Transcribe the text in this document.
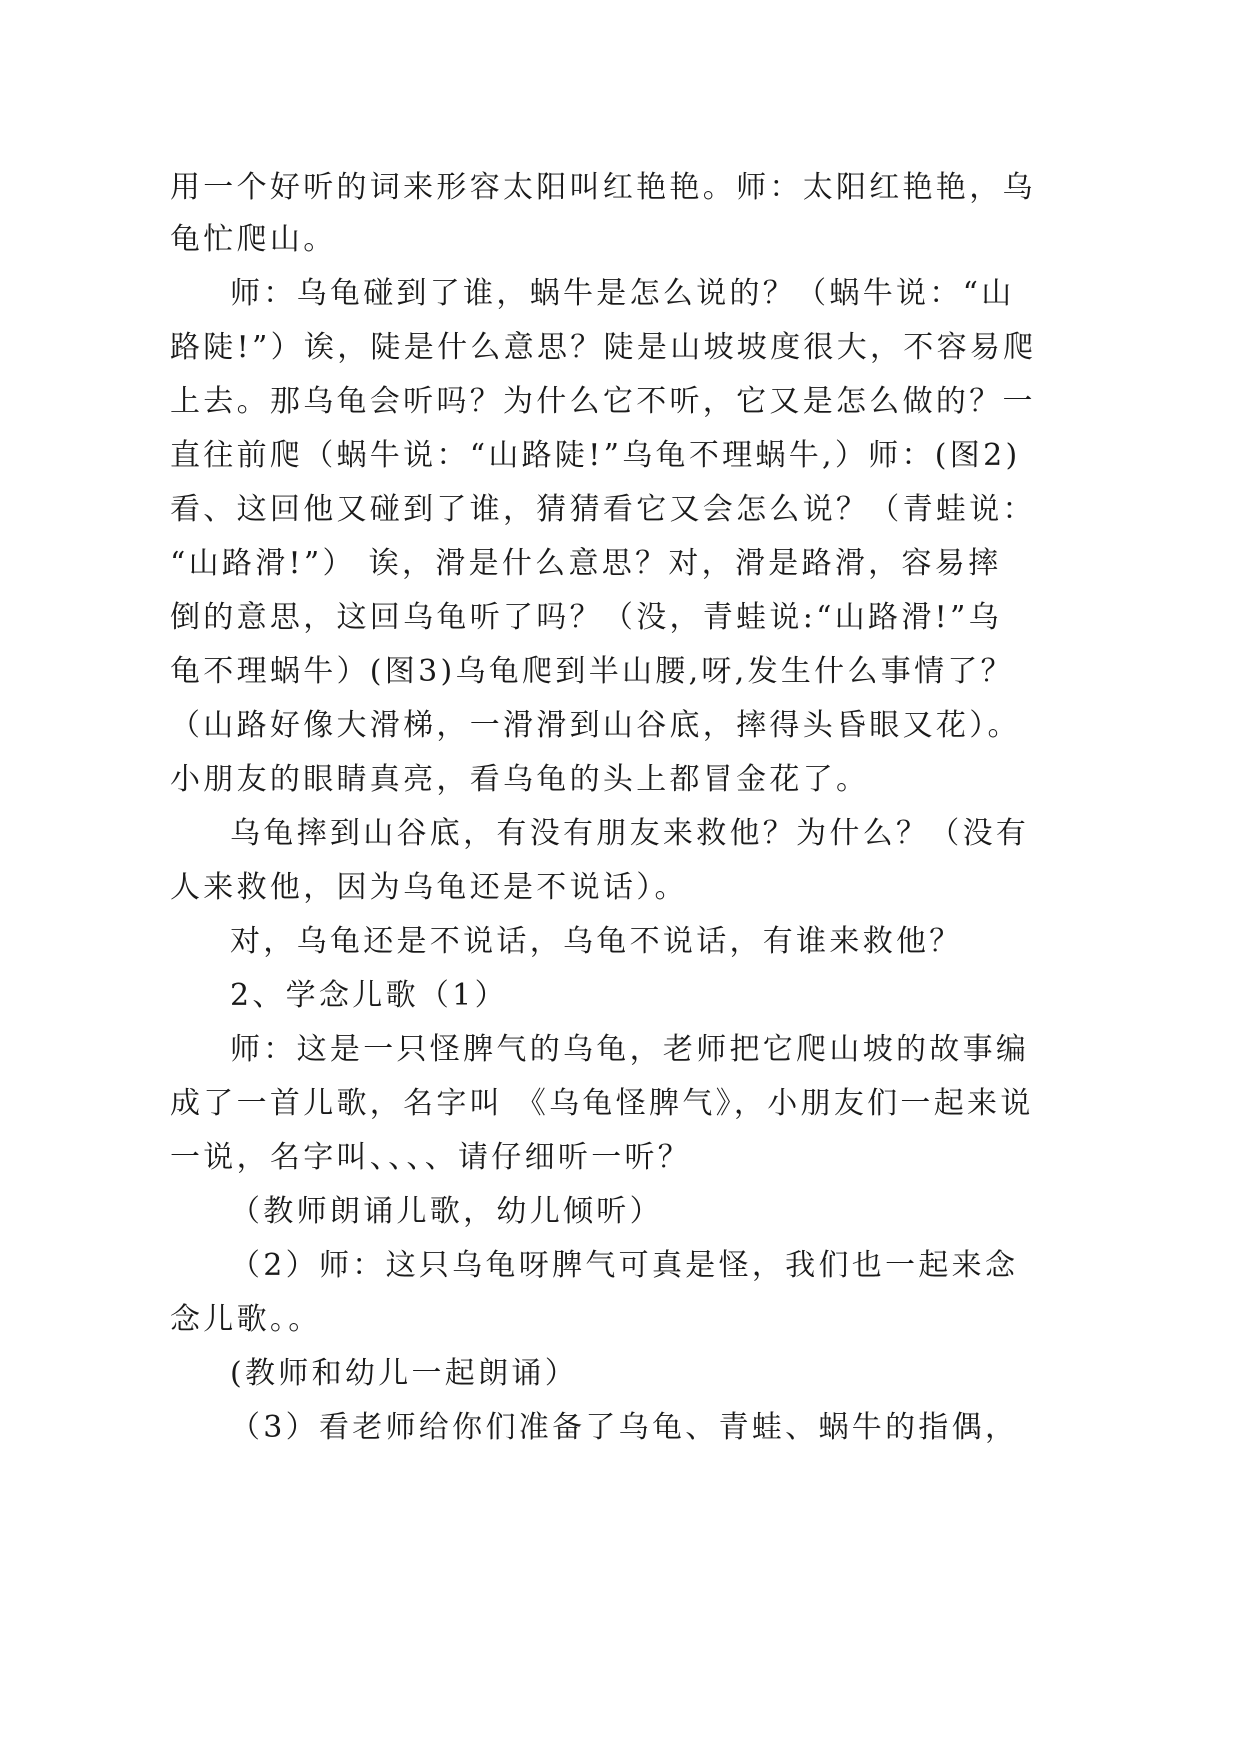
用一个好听的词来形容太阳叫红艳艳。师：太阳红艳艳，乌
龟忙爬山。
师：乌龟碰到了谁，蜗牛是怎么说的？（蜗牛说：“山
路陡!”）诶，陡是什么意思？陡是山坡坡度很大，不容易爬
上去。那乌龟会听吗？为什么它不听，它又是怎么做的？一
直往前爬（蜗牛说：“山路陡!”乌龟不理蜗牛,）师：(图2)
看、这回他又碰到了谁，猜猜看它又会怎么说？（青蛙说：
“山路滑!”） 诶，滑是什么意思？对，滑是路滑，容易摔
倒的意思，这回乌龟听了吗？（没，青蛙说:“山路滑!”乌
龟不理蜗牛）(图3)乌龟爬到半山腰,呀,发生什么事情了？
（山路好像大滑梯，一滑滑到山谷底，摔得头昏眼又花）。
小朋友的眼睛真亮，看乌龟的头上都冒金花了。
乌龟摔到山谷底，有没有朋友来救他？为什么？（没有
人来救他，因为乌龟还是不说话）。
对，乌龟还是不说话，乌龟不说话，有谁来救他？
2、学念儿歌（1）
师：这是一只怪脾气的乌龟，老师把它爬山坡的故事编
成了一首儿歌，名字叫 《乌龟怪脾气》，小朋友们一起来说
一说，名字叫、、、、请仔细听一听？
（教师朗诵儿歌，幼儿倾听）
（2）师：这只乌龟呀脾气可真是怪，我们也一起来念
念儿歌。。
(教师和幼儿一起朗诵）
（3）看老师给你们准备了乌龟、青蛙、蜗牛的指偶，
